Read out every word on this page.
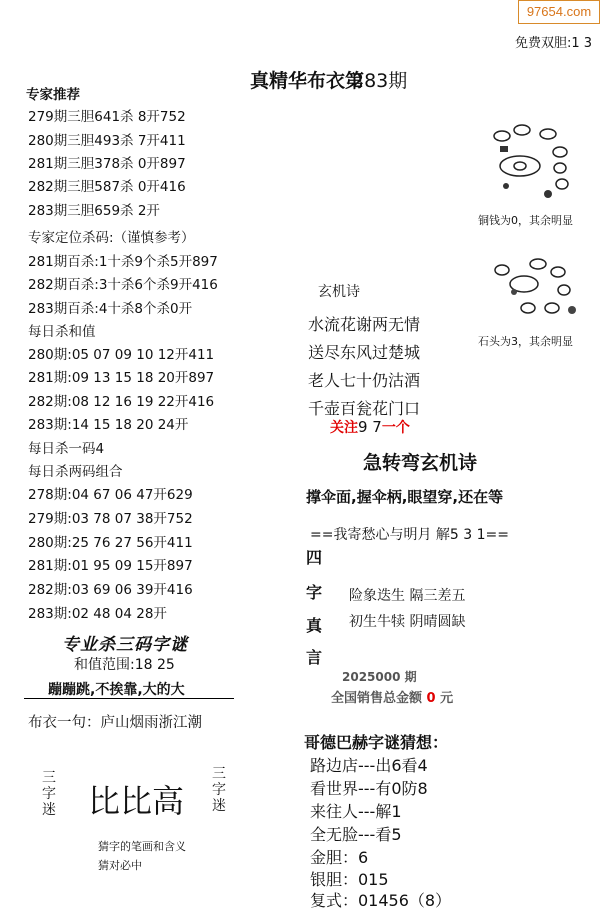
97654.com
免费双胆:1 3
真精华布衣第
283期
专家推荐
279期三胆641杀 8开752
280期三胆493杀 7开411
281期三胆378杀 0开897
282期三胆587杀 0开416
283期三胆659杀 2开
专家定位杀码:（谨慎参考）
281期百杀:1十杀9个杀5开897
282期百杀:3十杀6个杀9开416
283期百杀:4十杀8个杀0开
每日杀和值
280期:05 07 09 10 12开411
281期:09 13 15 18 20开897
282期:08 12 16 19 22开416
283期:14 15 18 20 24开
每日杀一码4
每日杀两码组合
278期:04 67 06 47开629
279期:03 78 07 38开752
280期:25 76 27 56开411
281期:01 95 09 15开897
282期:03 69 06 39开416
283期:02 48 04 28开
专业杀三码字谜
和值范围:18 25
蹦蹦跳,不挨靠,大的大
布衣一句：庐山烟雨浙江潮
三字迷 比比高
三字迷
猜字的笔画和含义
猜对必中
铜钱为0，其余明显
石头为3，其余明显
玄机诗
水流花谢两无情
送尽东风过楚城
老人七十仍沽酒
千壶百瓮花门口
关注9 7一个
急转弯玄机诗
撑伞面,握伞柄,眼望穿,还在等
==我寄愁心与明月 解5 3 1==
四
字
真
言
险象迭生 隔三差五
初生牛犊 阴晴圆缺
2025000 期
全国销售总金额 0 元
哥德巴赫字谜猜想：
路边店---出6看4
看世界---有0防8
来往人---解1
全无脸---看5
金胆：6
银胆：015
复式：01456（8）
